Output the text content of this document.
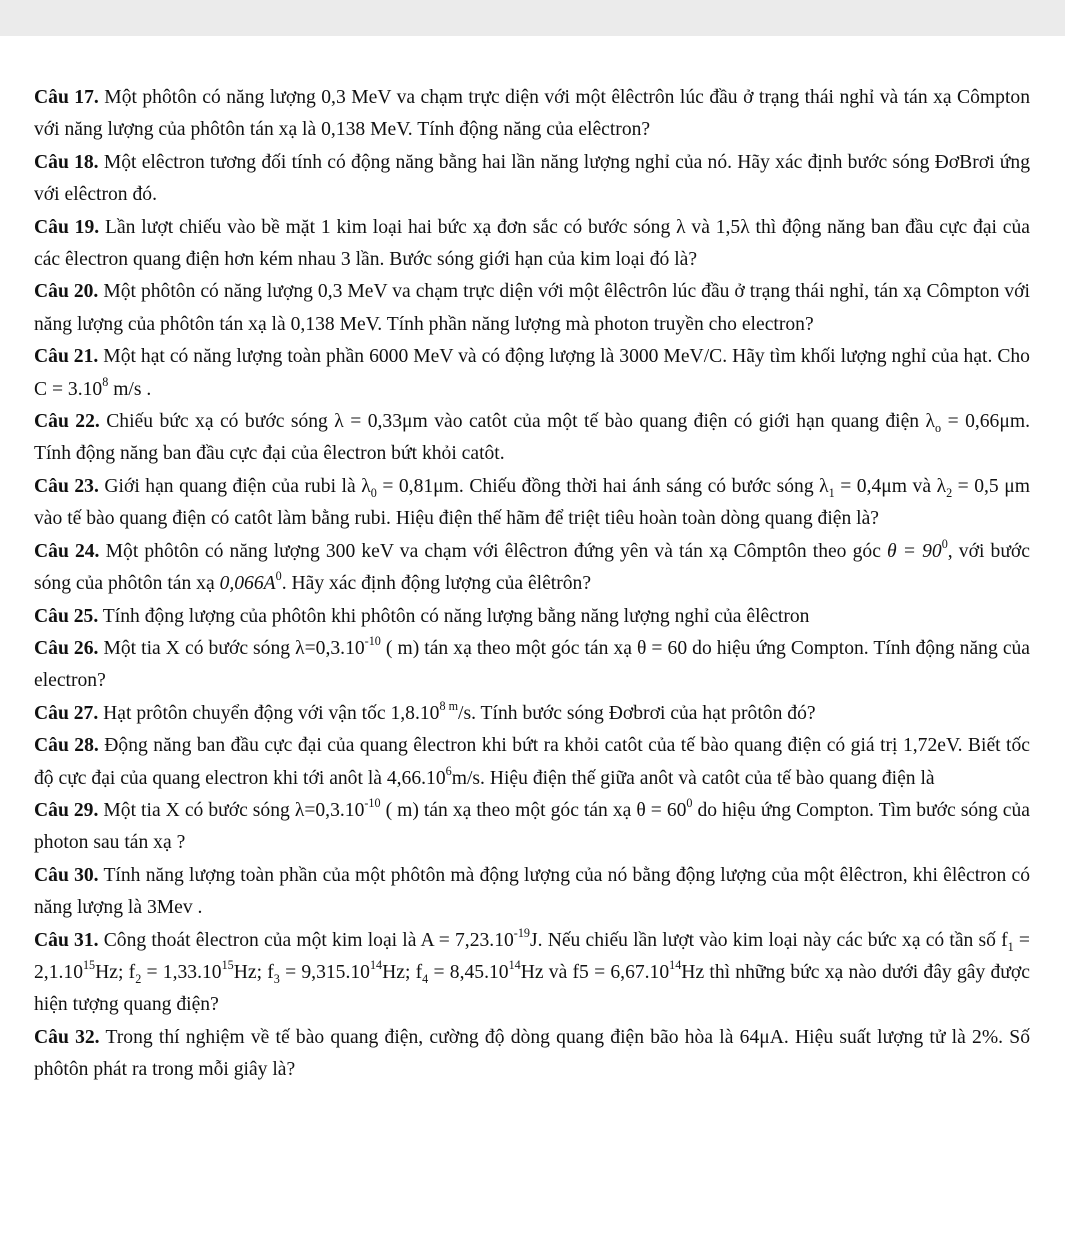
Câu 17. Một phôtôn có năng lượng 0,3 MeV va chạm trực diện với một êlêctrôn lúc đầu ở trạng thái nghỉ và tán xạ Cômpton với năng lượng của phôtôn tán xạ là 0,138 MeV. Tính động năng của elêctron?

Câu 18. Một elêctron tương đối tính có động năng bằng hai lần năng lượng nghỉ của nó. Hãy xác định bước sóng ĐơBrơi ứng với elêctron đó.

Câu 19. Lần lượt chiếu vào bề mặt 1 kim loại hai bức xạ đơn sắc có bước sóng λ và 1,5λ thì động năng ban đầu cực đại của các êlectron quang điện hơn kém nhau 3 lần. Bước sóng giới hạn của kim loại đó là?

Câu 20. Một phôtôn có năng lượng 0,3 MeV va chạm trực diện với một êlêctrôn lúc đầu ở trạng thái nghỉ, tán xạ Cômpton với năng lượng của phôtôn tán xạ là 0,138 MeV. Tính phần năng lượng mà photon truyền cho electron?

Câu 21. Một hạt có năng lượng toàn phần 6000 MeV và có động lượng là 3000 MeV/C. Hãy tìm khối lượng nghỉ của hạt. Cho $C = 3.10^8$ m/s .

Câu 22. Chiếu bức xạ có bước sóng λ = 0,33μm vào catôt của một tế bào quang điện có giới hạn quang điện $\lambda_o = 0,66\mu m$. Tính động năng ban đầu cực đại của êlectron bứt khỏi catôt.

Câu 23. Giới hạn quang điện của rubi là $\lambda_0 = 0,81\mu m$. Chiếu đồng thời hai ánh sáng có bước sóng $\lambda_1 = 0,4\mu m$ và $\lambda_2 = 0,5$ μm vào tế bào quang điện có catôt làm bằng rubi. Hiệu điện thế hãm để triệt tiêu hoàn toàn dòng quang điện là?

Câu 24. Một phôtôn có năng lượng 300 keV va chạm với êlêctron đứng yên và tán xạ Cômptôn theo góc $\theta = 90^0$, với bước sóng của phôtôn tán xạ $0,066A^0$. Hãy xác định động lượng của êlêtrôn?

Câu 25. Tính động lượng của phôtôn khi phôtôn có năng lượng bằng năng lượng nghỉ của êlêctron

Câu 26. Một tia X có bước sóng $\lambda=0,3.10^{-10}$ ( m) tán xạ theo một góc tán xạ θ = 60 do hiệu ứng Compton. Tính động năng của electron?

Câu 27. Hạt prôtôn chuyển động với vận tốc $1,8.10^{8 m}/s$. Tính bước sóng Đơbrơi của hạt prôtôn đó?

Câu 28. Động năng ban đầu cực đại của quang êlectron khi bứt ra khỏi catôt của tế bào quang điện có giá trị 1,72eV. Biết tốc độ cực đại của quang electron khi tới anôt là 4,66.10$^6$m/s. Hiệu điện thế giữa anôt và catôt của tế bào quang điện là

Câu 29. Một tia X có bước sóng $\lambda=0,3.10^{-10}$ ( m) tán xạ theo một góc tán xạ $\theta = 60^0$ do hiệu ứng Compton. Tìm bước sóng của photon sau tán xạ ?

Câu 30. Tính năng lượng toàn phần của một phôtôn mà động lượng của nó bằng động lượng của một êlêctron, khi êlêctron có năng lượng là 3Mev .

Câu 31. Công thoát êlectron của một kim loại là $A = 7,23.10^{-19}J$. Nếu chiếu lần lượt vào kim loại này các bức xạ có tần số $f_1 = 2,1.10^{15}Hz$; $f_2 = 1,33.10^{15}Hz$; $f_3 = 9,315.10^{14}Hz$; $f_4 = 8,45.10^{14}Hz$ và $f5 = 6,67.10^{14}Hz$ thì những bức xạ nào dưới đây gây được hiện tượng quang điện?

Câu 32. Trong thí nghiệm về tế bào quang điện, cường độ dòng quang điện bão hòa là 64μA. Hiệu suất lượng tử là 2%. Số phôtôn phát ra trong mỗi giây là?
